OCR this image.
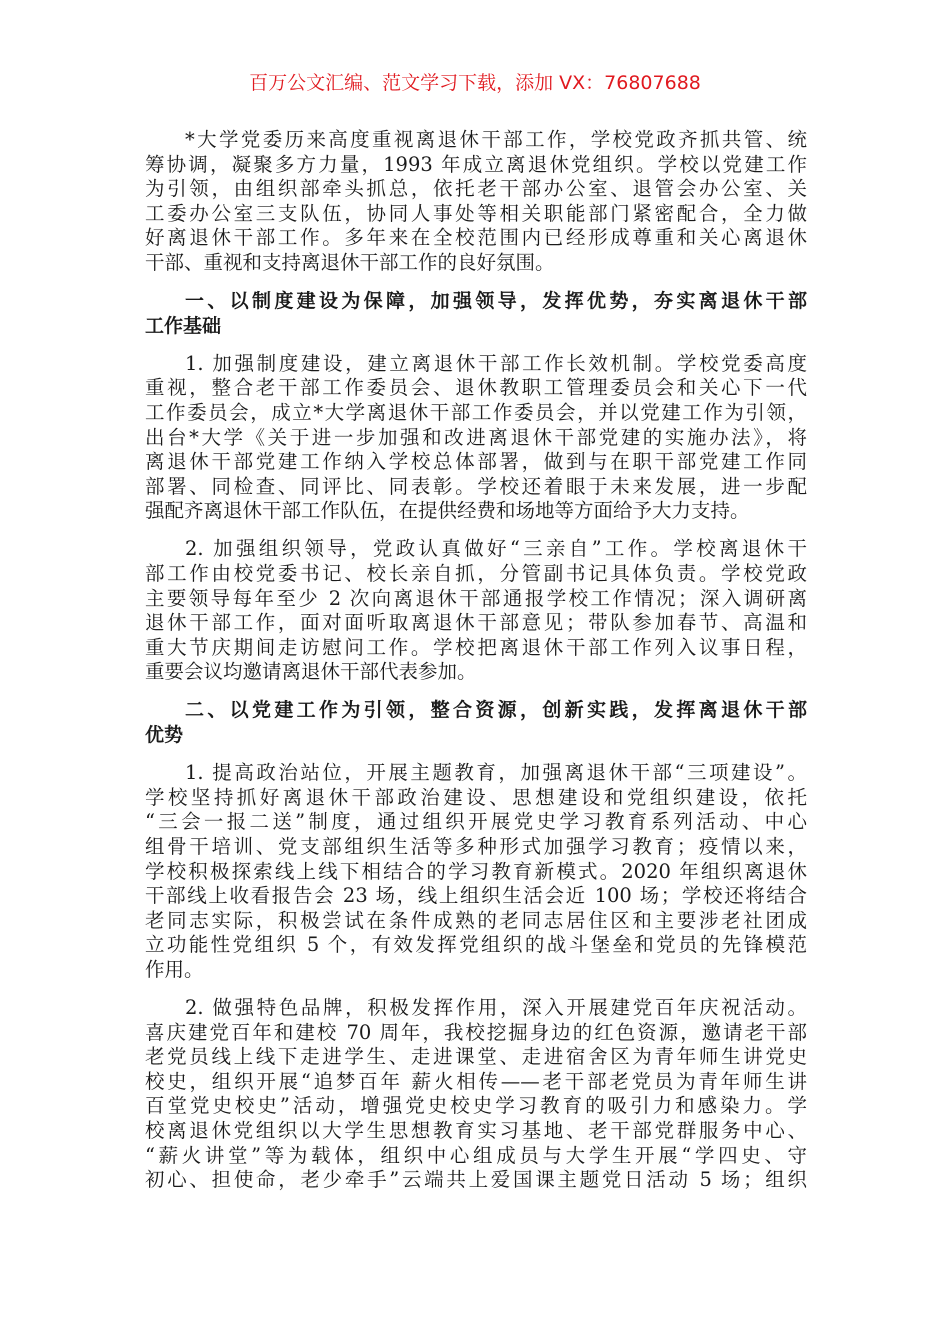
百万公文汇编、范文学习下载，添加 VX：76807688
*大学党委历来高度重视离退休干部工作，学校党政齐抓共管、统
筹协调，凝聚多方力量，1993 年成立离退休党组织。学校以党建工作
为引领，由组织部牵头抓总，依托老干部办公室、退管会办公室、关
工委办公室三支队伍，协同人事处等相关职能部门紧密配合，全力做
好离退休干部工作。多年来在全校范围内已经形成尊重和关心离退休
干部、重视和支持离退休干部工作的良好氛围。
一、以制度建设为保障，加强领导，发挥优势，夯实离退休干部
工作基础
1. 加强制度建设，建立离退休干部工作长效机制。学校党委高度
重视，整合老干部工作委员会、退休教职工管理委员会和关心下一代
工作委员会，成立*大学离退休干部工作委员会，并以党建工作为引领，
出台*大学《关于进一步加强和改进离退休干部党建的实施办法》，将
离退休干部党建工作纳入学校总体部署，做到与在职干部党建工作同
部署、同检查、同评比、同表彰。学校还着眼于未来发展，进一步配
强配齐离退休干部工作队伍，在提供经费和场地等方面给予大力支持。
2. 加强组织领导，党政认真做好“三亲自”工作。学校离退休干
部工作由校党委书记、校长亲自抓，分管副书记具体负责。学校党政
主要领导每年至少 2 次向离退休干部通报学校工作情况；深入调研离
退休干部工作，面对面听取离退休干部意见；带队参加春节、高温和
重大节庆期间走访慰问工作。学校把离退休干部工作列入议事日程，
重要会议均邀请离退休干部代表参加。
二、以党建工作为引领，整合资源，创新实践，发挥离退休干部
优势
1. 提高政治站位，开展主题教育，加强离退休干部“三项建设”。
学校坚持抓好离退休干部政治建设、思想建设和党组织建设，依托
“三会一报二送”制度，通过组织开展党史学习教育系列活动、中心
组骨干培训、党支部组织生活等多种形式加强学习教育；疫情以来，
学校积极探索线上线下相结合的学习教育新模式。2020 年组织离退休
干部线上收看报告会 23 场，线上组织生活会近 100 场；学校还将结合
老同志实际，积极尝试在条件成熟的老同志居住区和主要涉老社团成
立功能性党组织 5 个，有效发挥党组织的战斗堡垒和党员的先锋模范
作用。
2. 做强特色品牌，积极发挥作用，深入开展建党百年庆祝活动。
喜庆建党百年和建校 70 周年，我校挖掘身边的红色资源，邀请老干部
老党员线上线下走进学生、走进课堂、走进宿舍区为青年师生讲党史
校史，组织开展“追梦百年 薪火相传——老干部老党员为青年师生讲
百堂党史校史”活动，增强党史校史学习教育的吸引力和感染力。学
校离退休党组织以大学生思想教育实习基地、老干部党群服务中心、
“薪火讲堂”等为载体，组织中心组成员与大学生开展“学四史、守
初心、担使命，老少牵手”云端共上爱国课主题党日活动 5 场；组织
